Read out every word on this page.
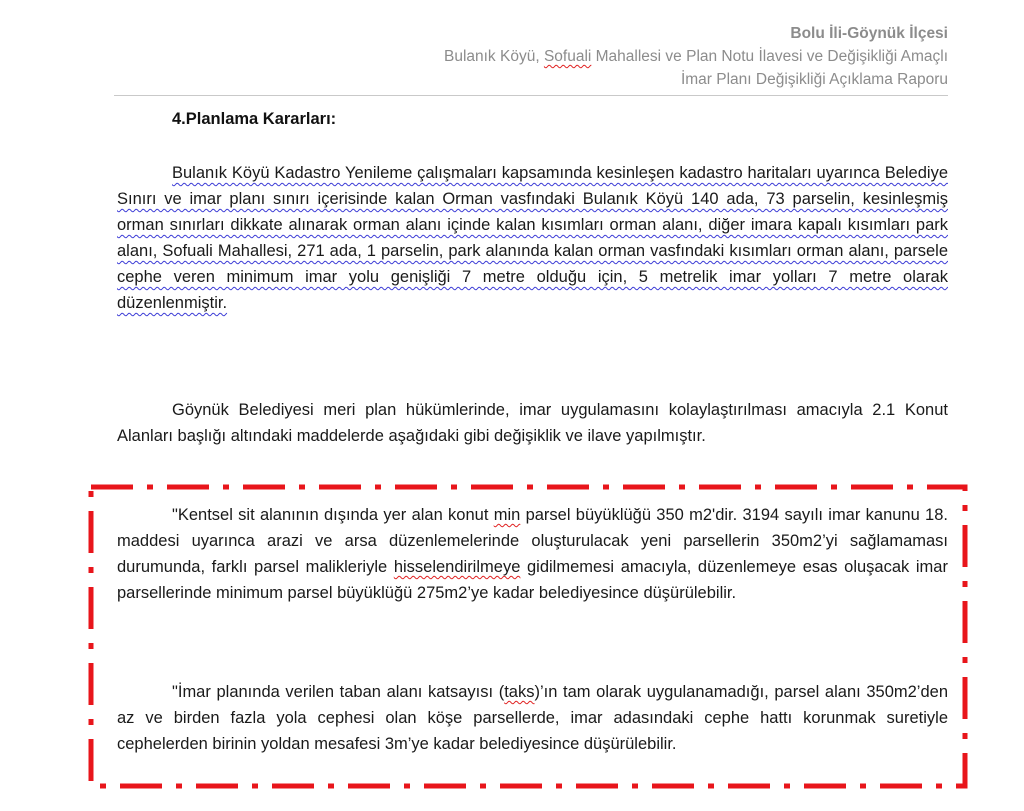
Bolu İli-Göynük İlçesi
Bulanık Köyü, Sofuali Mahallesi ve Plan Notu İlavesi ve Değişikliği Amaçlı
İmar Planı Değişikliği Açıklama Raporu
4.Planlama Kararları:
Bulanık Köyü Kadastro Yenileme çalışmaları kapsamında kesinleşen kadastro haritaları uyarınca Belediye Sınırı ve imar planı sınırı içerisinde kalan Orman vasfındaki Bulanık Köyü 140 ada, 73 parselin, kesinleşmiş orman sınırları dikkate alınarak orman alanı içinde kalan kısımları orman alanı, diğer imara kapalı kısımları park alanı, Sofuali Mahallesi, 271 ada, 1 parselin, park alanında kalan orman vasfındaki kısımları orman alanı, parsele cephe veren minimum imar yolu genişliği 7 metre olduğu için, 5 metrelik imar yolları 7 metre olarak düzenlenmiştir.
Göynük Belediyesi meri plan hükümlerinde, imar uygulamasını kolaylaştırılması amacıyla 2.1 Konut Alanları başlığı altındaki maddelerde aşağıdaki gibi değişiklik ve ilave yapılmıştır.
"Kentsel sit alanının dışında yer alan konut min parsel büyüklüğü 350 m2'dir. 3194 sayılı imar kanunu 18. maddesi uyarınca arazi ve arsa düzenlemelerinde oluşturulacak yeni parsellerin 350m2’yi sağlamaması durumunda, farklı parsel malikleriyle hisselendirilmeye gidilmemesi amacıyla, düzenlemeye esas oluşacak imar parsellerinde minimum parsel büyüklüğü 275m2’ye kadar belediyesince düşürülebilir.
"İmar planında verilen taban alanı katsayısı (taks)’ın tam olarak uygulanamadığı, parsel alanı 350m2’den az ve birden fazla yola cephesi olan köşe parsellerde, imar adasındaki cephe hattı korunmak suretiyle cephelerden birinin yoldan mesafesi 3m’ye kadar belediyesince düşürülebilir.
